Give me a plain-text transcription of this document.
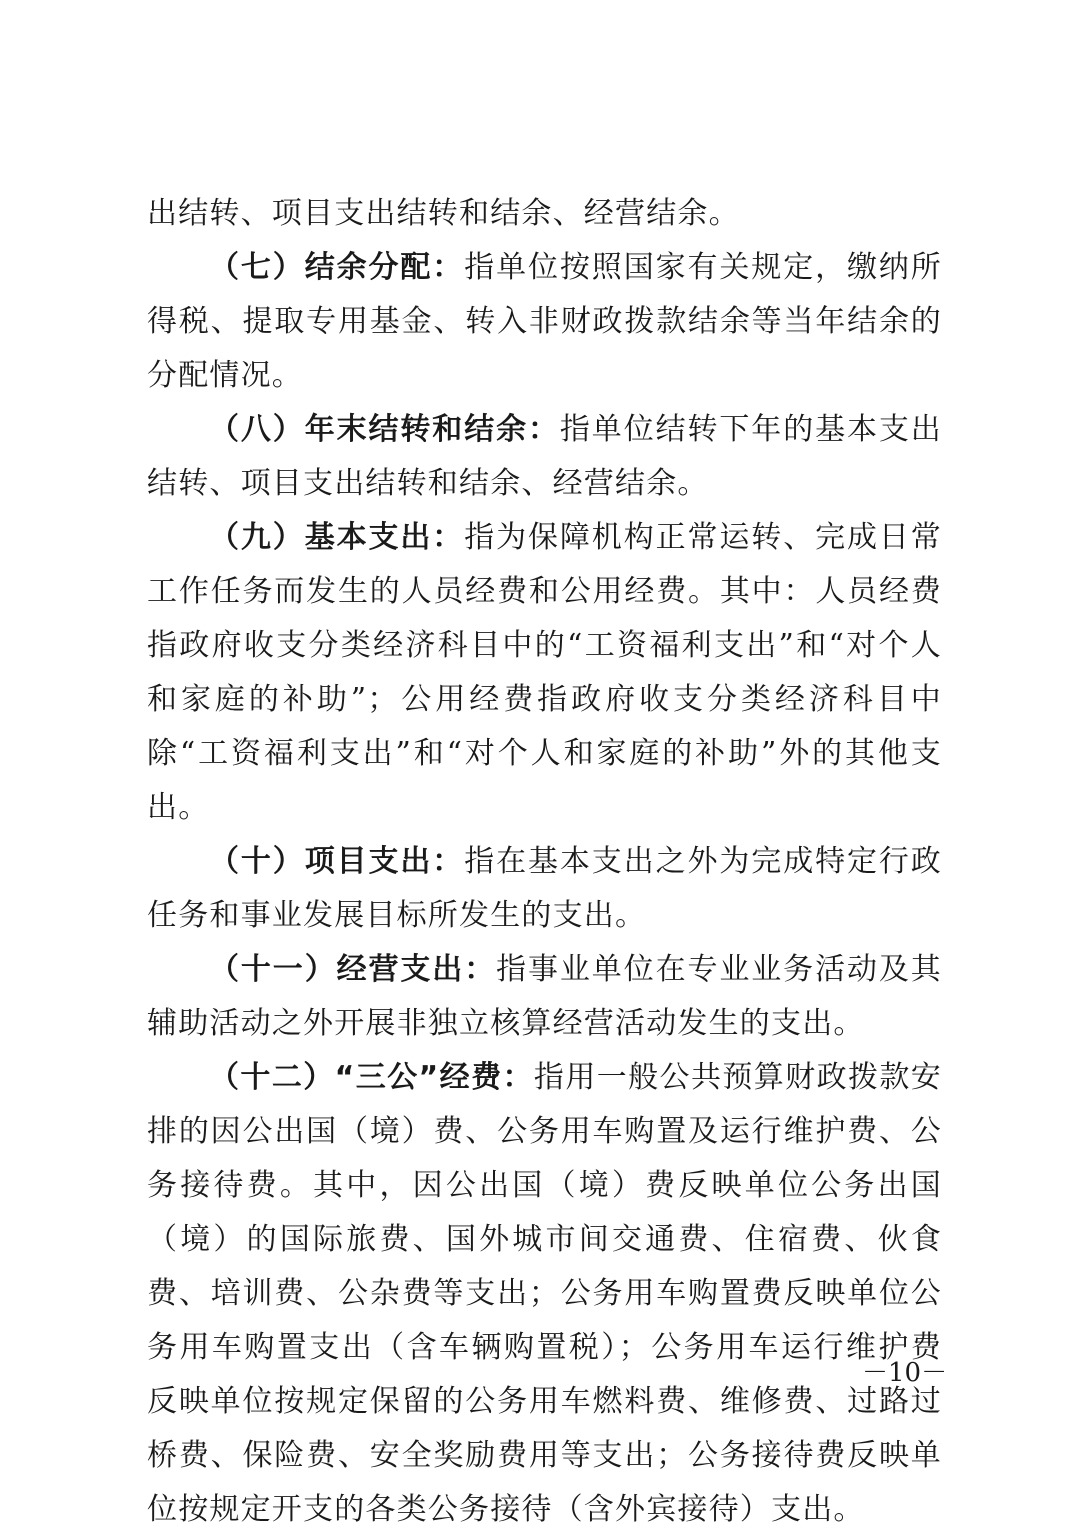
出结转、项目支出结转和结余、经营结余。

（七）结余分配：指单位按照国家有关规定，缴纳所得税、提取专用基金、转入非财政拨款结余等当年结余的分配情况。

（八）年末结转和结余：指单位结转下年的基本支出结转、项目支出结转和结余、经营结余。

（九）基本支出：指为保障机构正常运转、完成日常工作任务而发生的人员经费和公用经费。其中：人员经费指政府收支分类经济科目中的“工资福利支出”和“对个人和家庭的补助”；公用经费指政府收支分类经济科目中除“工资福利支出”和“对个人和家庭的补助”外的其他支出。

（十）项目支出：指在基本支出之外为完成特定行政任务和事业发展目标所发生的支出。

（十一）经营支出：指事业单位在专业业务活动及其辅助活动之外开展非独立核算经营活动发生的支出。

（十二）“三公”经费：指用一般公共预算财政拨款安排的因公出国（境）费、公务用车购置及运行维护费、公务接待费。其中，因公出国（境）费反映单位公务出国（境）的国际旅费、国外城市间交通费、住宿费、伙食费、培训费、公杂费等支出；公务用车购置费反映单位公务用车购置支出（含车辆购置税）；公务用车运行维护费反映单位按规定保留的公务用车燃料费、维修费、过路过桥费、保险费、安全奖励费用等支出；公务接待费反映单位按规定开支的各类公务接待（含外宾接待）支出。

－10－
